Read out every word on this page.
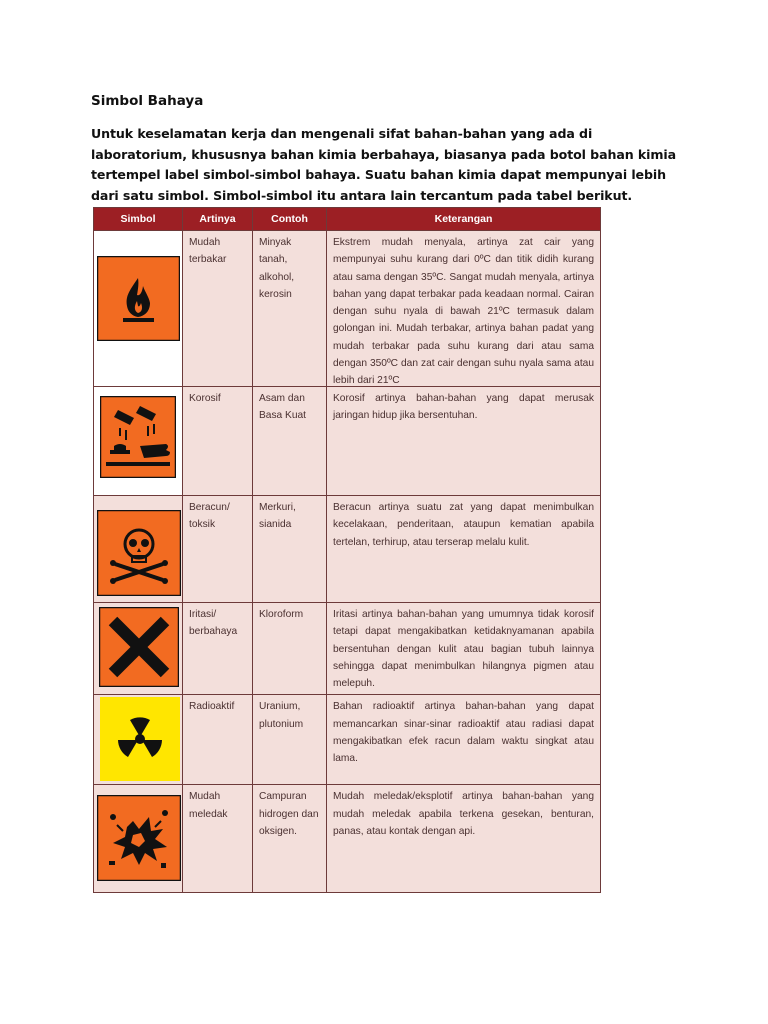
Simbol Bahaya
Untuk keselamatan kerja dan mengenali sifat bahan-bahan yang ada di laboratorium, khususnya bahan kimia berbahaya, biasanya pada botol bahan kimia tertempel label simbol-simbol bahaya. Suatu bahan kimia dapat mempunyai lebih dari satu simbol. Simbol-simbol itu antara lain tercantum pada tabel berikut.
Simbol	Artinya	Contoh	Keterangan

Mudah terbakar	Minyak tanah, alkohol, kerosin	Ekstrem mudah menyala, artinya zat cair yang mempunyai suhu kurang dari 0ºC dan titik didih kurang atau sama dengan 35ºC. Sangat mudah menyala, artinya bahan yang dapat terbakar pada keadaan normal. Cairan dengan suhu nyala di bawah 21ºC termasuk dalam golongan ini. Mudah terbakar, artinya bahan padat yang mudah terbakar pada suhu kurang dari atau sama dengan 350ºC dan zat cair dengan suhu nyala sama atau lebih dari 21ºC

Korosif	Asam dan Basa Kuat	Korosif artinya bahan-bahan yang dapat merusak jaringan hidup jika bersentuhan.

Beracun/ toksik	Merkuri, sianida	Beracun artinya suatu zat yang dapat menimbulkan kecelakaan, penderitaan, ataupun kematian apabila tertelan, terhirup, atau terserap melalu kulit.

Iritasi/ berbahaya	Kloroform	Iritasi artinya bahan-bahan yang umumnya tidak korosif tetapi dapat mengakibatkan ketidaknyamanan apabila bersentuhan dengan kulit atau bagian tubuh lainnya sehingga dapat menimbulkan hilangnya pigmen atau melepuh.

Radioaktif	Uranium, plutonium	Bahan radioaktif artinya bahan-bahan yang dapat memancarkan sinar-sinar radioaktif atau radiasi dapat mengakibatkan efek racun dalam waktu singkat atau lama.

Mudah meledak	Campuran hidrogen dan oksigen.	Mudah meledak/eksplotif artinya bahan-bahan yang mudah meledak apabila terkena gesekan, benturan, panas, atau kontak dengan api.
